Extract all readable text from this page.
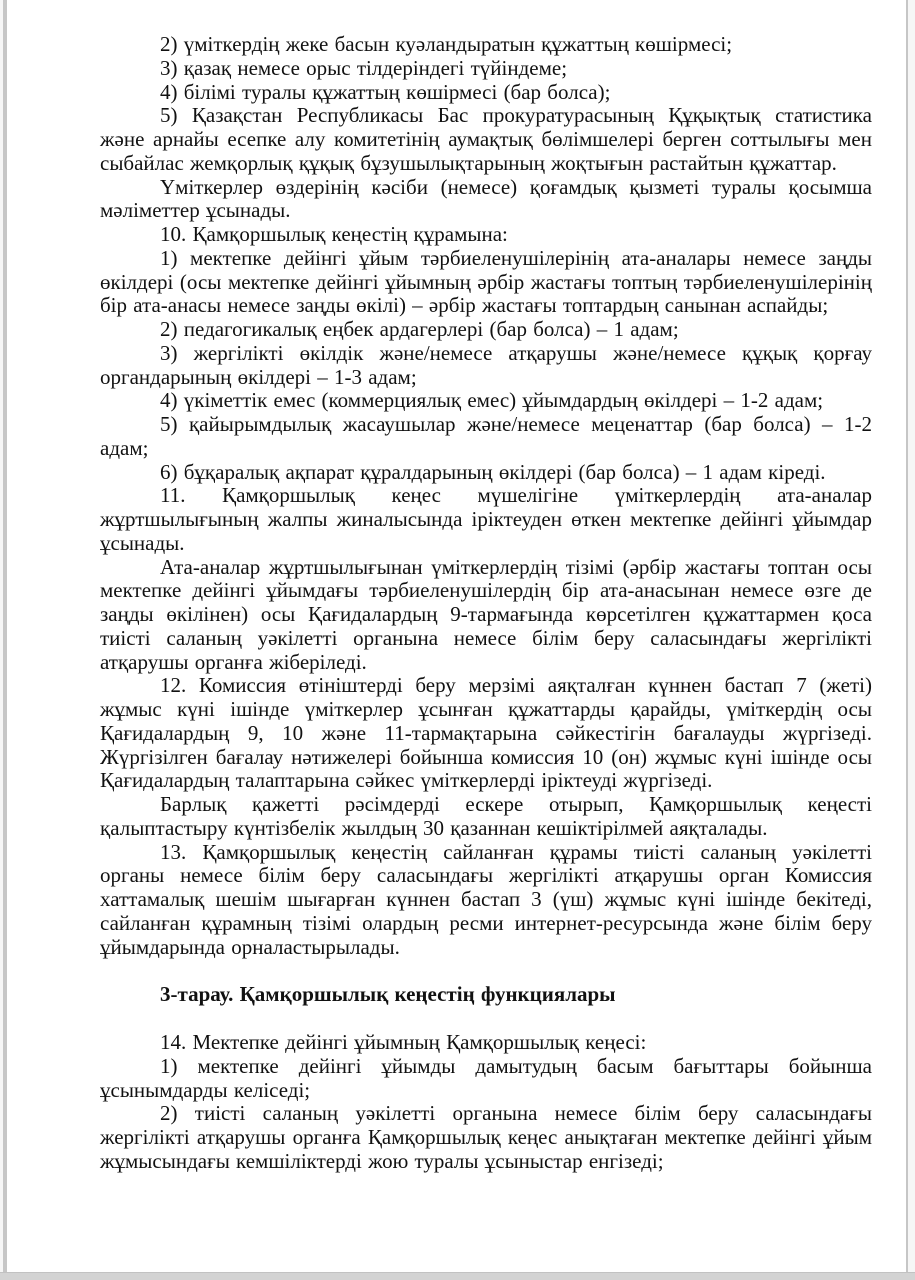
2) үміткердің жеке басын куәландыратын құжаттың көшірмесі;

3) қазақ немесе орыс тілдеріндегі түйіндеме;

4) білімі туралы құжаттың көшірмесі (бар болса);

5) Қазақстан Республикасы Бас прокуратурасының Құқықтық статистика және арнайы есепке алу комитетінің аумақтық бөлімшелері берген соттылығы мен сыбайлас жемқорлық құқық бұзушылықтарының жоқтығын растайтын құжаттар.

Үміткерлер өздерінің кәсіби (немесе) қоғамдық қызметі туралы қосымша мәліметтер ұсынады.

10. Қамқоршылық кеңестің құрамына:

1) мектепке дейінгі ұйым тәрбиеленушілерінің ата-аналары немесе заңды өкілдері (осы мектепке дейінгі ұйымның әрбір жастағы топтың тәрбиеленушілерінің бір ата-анасы немесе заңды өкілі) – әрбір жастағы топтардың санынан аспайды;

2) педагогикалық еңбек ардагерлері (бар болса) – 1 адам;

3) жергілікті өкілдік және/немесе атқарушы және/немесе құқық қорғау органдарының өкілдері – 1-3 адам;

4) үкіметтік емес (коммерциялық емес) ұйымдардың өкілдері – 1-2 адам;

5) қайырымдылық жасаушылар және/немесе меценаттар (бар болса) – 1-2 адам;

6) бұқаралық ақпарат құралдарының өкілдері (бар болса) – 1 адам кіреді.

11. Қамқоршылық кеңес мүшелігіне үміткерлердің ата-аналар жұртшылығының жалпы жиналысында іріктеуден өткен мектепке дейінгі ұйымдар ұсынады.

Ата-аналар жұртшылығынан үміткерлердің тізімі (әрбір жастағы топтан осы мектепке дейінгі ұйымдағы тәрбиеленушілердің бір ата-анасынан немесе өзге де заңды өкілінен) осы Қағидалардың 9-тармағында көрсетілген құжаттармен қоса тиісті саланың уәкілетті органына немесе білім беру саласындағы жергілікті атқарушы органға жіберіледі.

12. Комиссия өтініштерді беру мерзімі аяқталған күннен бастап 7 (жеті) жұмыс күні ішінде үміткерлер ұсынған құжаттарды қарайды, үміткердің осы Қағидалардың 9, 10 және 11-тармақтарына сәйкестігін бағалауды жүргізеді. Жүргізілген бағалау нәтижелері бойынша комиссия 10 (он) жұмыс күні ішінде осы Қағидалардың талаптарына сәйкес үміткерлерді іріктеуді жүргізеді.

Барлық қажетті рәсімдерді ескере отырып, Қамқоршылық кеңесті қалыптастыру күнтізбелік жылдың 30 қазаннан кешіктірілмей аяқталады.

13. Қамқоршылық кеңестің сайланған құрамы тиісті саланың уәкілетті органы немесе білім беру саласындағы жергілікті атқарушы орган Комиссия хаттамалық шешім шығарған күннен бастап 3 (үш) жұмыс күні ішінде бекітеді, сайланған құрамның тізімі олардың ресми интернет-ресурсында және білім беру ұйымдарында орналастырылады.

3-тарау. Қамқоршылық кеңестің функциялары

14. Мектепке дейінгі ұйымның Қамқоршылық кеңесі:

1) мектепке дейінгі ұйымды дамытудың басым бағыттары бойынша ұсынымдарды келіседі;

2) тиісті саланың уәкілетті органына немесе білім беру саласындағы жергілікті атқарушы органға Қамқоршылық кеңес анықтаған мектепке дейінгі ұйым жұмысындағы кемшіліктерді жою туралы ұсыныстар енгізеді;
